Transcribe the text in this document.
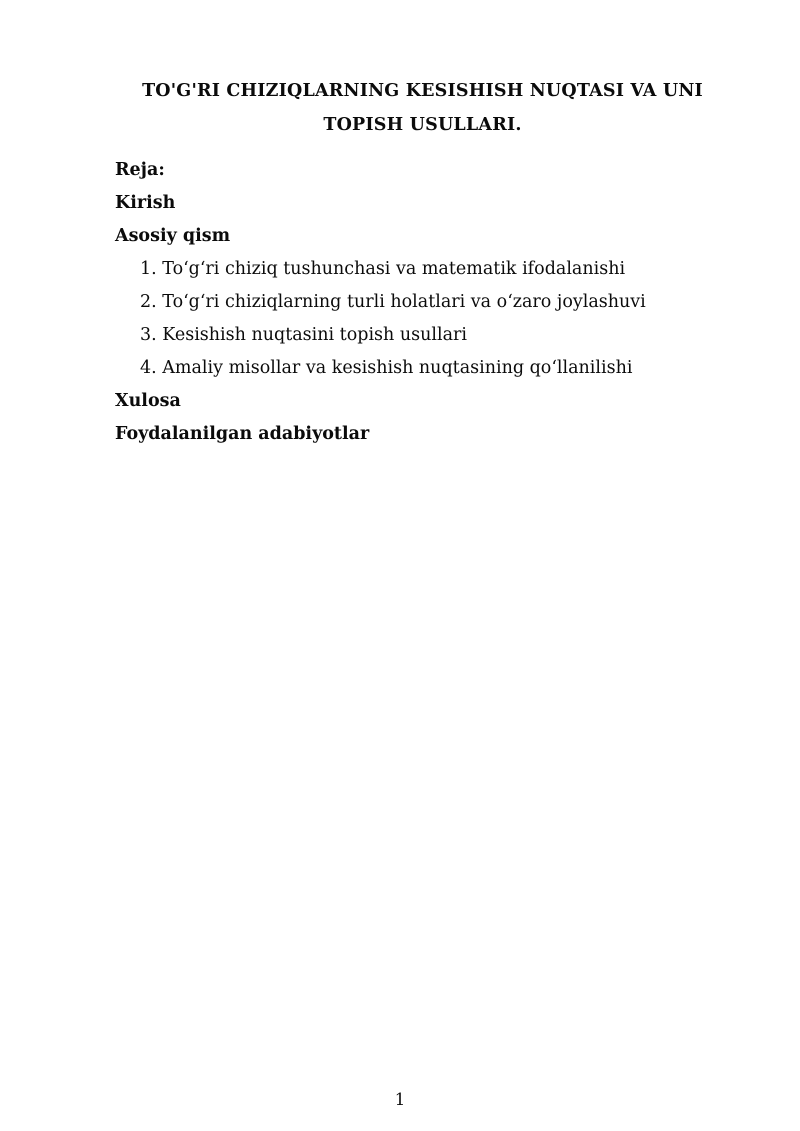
TO'G'RI CHIZIQLARNING KESISHISH NUQTASI VA UNI
TOPISH USULLARI.
Reja:
Kirish
Asosiy qism
1. To‘g‘ri chiziq tushunchasi va matematik ifodalanishi
2. To‘g‘ri chiziqlarning turli holatlari va o‘zaro joylashuvi
3. Kesishish nuqtasini topish usullari
4. Amaliy misollar va kesishish nuqtasining qo‘llanilishi
Xulosa
Foydalanilgan adabiyotlar
1
